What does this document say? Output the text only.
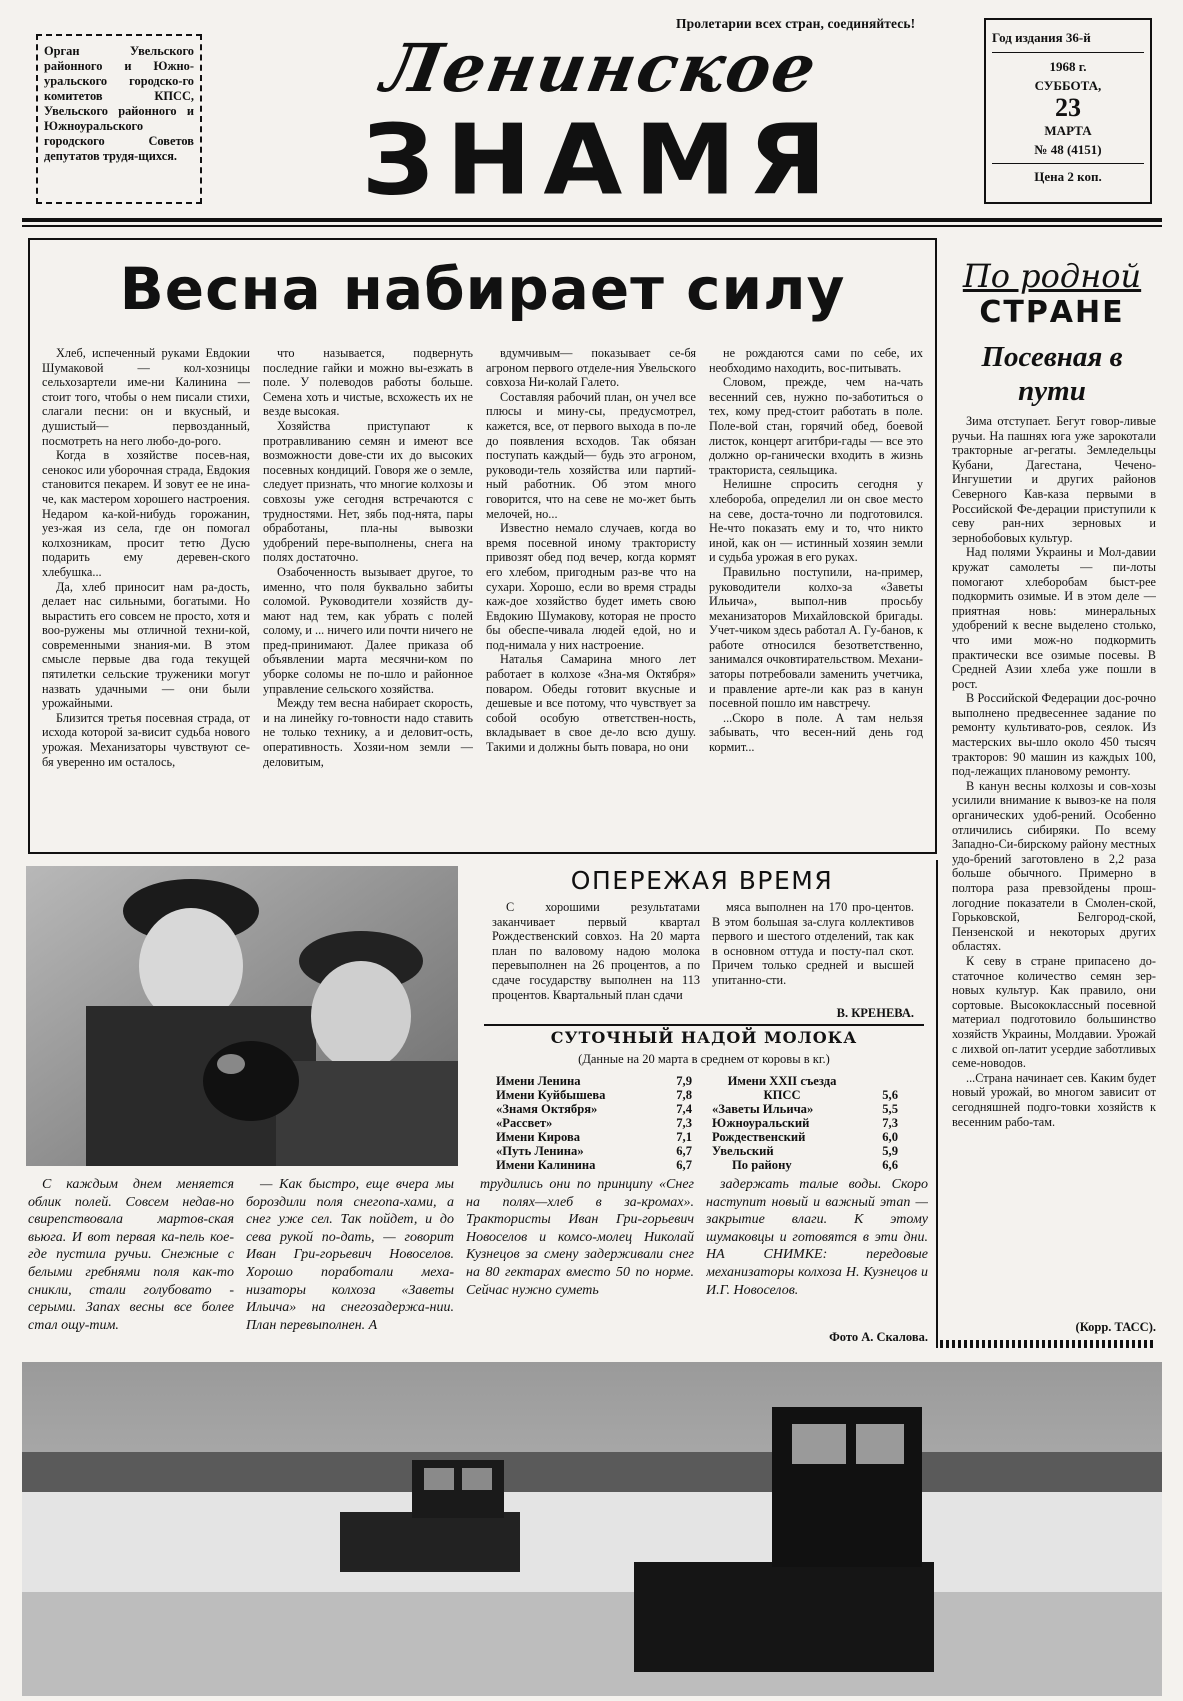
Орган Увельского районного и Южно-уральского городско-го комитетов КПСС, Увельского районного и Южноуральского городского Советов депутатов трудя-щихся.
Пролетарии всех стран, соединяйтесь!
Ленинское
ЗНАМЯ
Год издания 36-й
1968 г.
СУББОТА,
23
МАРТА
№ 48 (4151)
Цена 2 коп.
Весна набирает силу

Хлеб, испеченный руками Евдокии Шумаковой — кол-хозницы сельхозартели име-ни Калинина — стоит того, чтобы о нем писали стихи, слагали песни: он и вкусный, и душистый— первозданный, посмотреть на него любо-до-рого.

Когда в хозяйстве посев-ная, сенокос или уборочная страда, Евдокия становится пекарем. И зовут ее не ина-че, как мастером хорошего настроения. Недаром ка-кой-нибудь горожанин, уез-жая из села, где он помогал колхозникам, просит тетю Дусю подарить ему деревен-ского хлебушка...

Да, хлеб приносит нам ра-дость, делает нас сильными, богатыми. Но вырастить его совсем не просто, хотя и воо-ружены мы отличной техни-кой, современными знания-ми. В этом смысле первые два года текущей пятилетки сельские труженики могут назвать удачными — они были урожайными.

Близится третья посевная страда, от исхода которой за-висит судьба нового урожая. Механизаторы чувствуют се-бя уверенно им осталось,

что называется, подвернуть последние гайки и можно вы-езжать в поле. У полеводов работы больше. Семена хоть и чистые, всхожесть их не везде высокая.

Хозяйства приступают к протравливанию семян и имеют все возможности дове-сти их до высоких посевных кондиций. Говоря же о земле, следует признать, что многие колхозы и совхозы уже сегодня встречаются с трудностями. Нет, зябь под-нята, пары обработаны, пла-ны вывозки удобрений пере-выполнены, снега на полях достаточно.

Озабоченность вызывает другое, то именно, что поля буквально забиты соломой. Руководители хозяйств ду-мают над тем, как убрать с полей солому, и ... ничего или почти ничего не пред-принимают. Далее приказа об объявлении марта месячни-ком по уборке соломы не по-шло и районное управление сельского хозяйства.

Между тем весна набирает скорость, и на линейку го-товности надо ставить не только технику, а и деловит-ость, оперативность. Хозяи-ном земли — деловитым,

вдумчивым— показывает се-бя агроном первого отделе-ния Увельского совхоза Ни-колай Галето.

Составляя рабочий план, он учел все плюсы и мину-сы, предусмотрел, кажется, все, от первого выхода в по-ле до появления всходов. Так обязан поступать каждый— будь это агроном, руководи-тель хозяйства или партий-ный работник. Об этом много говорится, что на севе не мо-жет быть мелочей, но...

Известно немало случаев, когда во время посевной иному трактористу привозят обед под вечер, когда кормят его хлебом, пригодным раз-ве что на сухари. Хорошо, если во время страды каж-дое хозяйство будет иметь свою Евдокию Шумакову, которая не просто бы обеспе-чивала людей едой, но и под-нимала у них настроение.

Наталья Самарина много лет работает в колхозе «Зна-мя Октября» поваром. Обеды готовит вкусные и дешевые и все потому, что чувствует за собой особую ответствен-ность, вкладывает в свое де-ло всю душу. Такими и должны быть повара, но они

не рождаются сами по себе, их необходимо находить, вос-питывать.

Словом, прежде, чем на-чать весенний сев, нужно по-заботиться о тех, кому пред-стоит работать в поле. Поле-вой стан, горячий обед, боевой листок, концерт агитбри-гады — все это должно ор-ганически входить в жизнь тракториста, сеяльщика.

Нелишне спросить сегодня у хлебороба, определил ли он свое место на севе, доста-точно ли подготовился. Не-что показать ему и то, что никто иной, как он — истинный хозяин земли и судьба урожая в его руках.

Правильно поступили, на-пример, руководители колхо-за «Заветы Ильича», выпол-нив просьбу механизаторов Михайловской бригады. Учет-чиком здесь работал А. Гу-банов, к работе относился безответственно, занимался очковтирательством. Механи-заторы потребовали заменить учетчика, и правление арте-ли как раз в канун посевной пошло им навстречу.

...Скоро в поле. А там нельзя забывать, что весен-ний день год кормит...

По родной
СТРАНЕ
Посевная в пути

Зима отступает. Бегут говор-ливые ручьи. На пашнях юга уже зарокотали тракторные аг-регаты. Земледельцы Кубани, Дагестана, Чечено-Ингушетии и других районов Северного Кав-каза первыми в Российской Фе-дерации приступили к севу ран-них зерновых и зернобобовых культур.

Над полями Украины и Мол-давии кружат самолеты — пи-лоты помогают хлеборобам быст-рее подкормить озимые. И в этом деле — приятная новь: минеральных удобрений к весне выделено столько, что ими мож-но подкормить практически все озимые посевы. В Средней Азии хлеба уже пошли в рост.

В Российской Федерации дос-рочно выполнено предвесеннее задание по ремонту культивато-ров, сеялок. Из мастерских вы-шло около 450 тысяч тракторов: 90 машин из каждых 100, под-лежащих плановому ремонту.

В канун весны колхозы и сов-хозы усилили внимание к вывоз-ке на поля органических удоб-рений. Особенно отличились сибиряки. По всему Западно-Си-бирскому району местных удо-брений заготовлено в 2,2 раза больше обычного. Примерно в полтора раза превзойдены прош-логодние показатели в Смолен-ской, Горьковской, Белгород-ской, Пензенской и некоторых других областях.

К севу в стране припасено до-статочное количество семян зер-новых культур. Как правило, они сортовые. Высококлассный посевной материал подготовило большинство хозяйств Украины, Молдавии. Урожай с лихвой оп-латит усердие заботливых семе-новодов.

...Страна начинает сев. Каким будет новый урожай, во многом зависит от сегодняшней подго-товки хозяйств к весенним рабо-там.

(Корр. ТАСС).
ОПЕРЕЖАЯ ВРЕМЯ

С хорошими результатами заканчивает первый квартал Рождественский совхоз. На 20 марта план по валовому надою молока перевыполнен на 26 процентов, а по сдаче государству выполнен на 113 процентов. Квартальный план сдачи

мяса выполнен на 170 про-центов. В этом большая за-слуга коллективов первого и шестого отделений, так как в основном оттуда и посту-пал скот. Причем только средней и высшей упитанно-сти.

В. КРЕНЕВА.
СУТОЧНЫЙ НАДОЙ МОЛОКА
(Данные на 20 марта в среднем от коровы в кг.)
Имени Ленина	7,9
Имени Куйбышева	7,8
«Знамя Октября»	7,4
«Рассвет»	7,3
Имени Кирова	7,1
«Путь Ленина»	6,7
Имени Калинина	6,7
Имени XXII съезда КПСС	5,6
«Заветы Ильича»	5,5
Южноуральский	7,3
Рождественский	6,0
Увельский	5,9
По району	6,6

С каждым днем меняется облик полей. Совсем недав-но свирепствовала мартов-ская вьюга. И вот первая ка-пель кое-где пустила ручьи. Снежные с белыми гребнями поля как-то сникли, стали голубовато - серыми. Запах весны все более стал ощу-тим.

— Как быстро, еще вчера мы бороздили поля снегопа-хами, а снег уже сел. Так пойдет, и до сева рукой по-дать, — говорит Иван Гри-горьевич Новоселов. Хорошо поработали меха-низаторы колхоза «Заветы Ильича» на снегозадержа-нии. План перевыполнен. А

трудились они по принципу «Снег на полях—хлеб в за-кромах». Трактористы Иван Гри-горьевич Новоселов и комсо-молец Николай Кузнецов за смену задерживали снег на 80 гектарах вместо 50 по норме. Сейчас нужно суметь

задержать талые воды. Скоро наступит новый и важный этап — закрытие влаги. К этому шумаковцы и готовятся в эти дни. НА СНИМКЕ: передовые механизаторы колхоза Н. Кузнецов и И.Г. Новоселов.

Фото А. Скалова.
